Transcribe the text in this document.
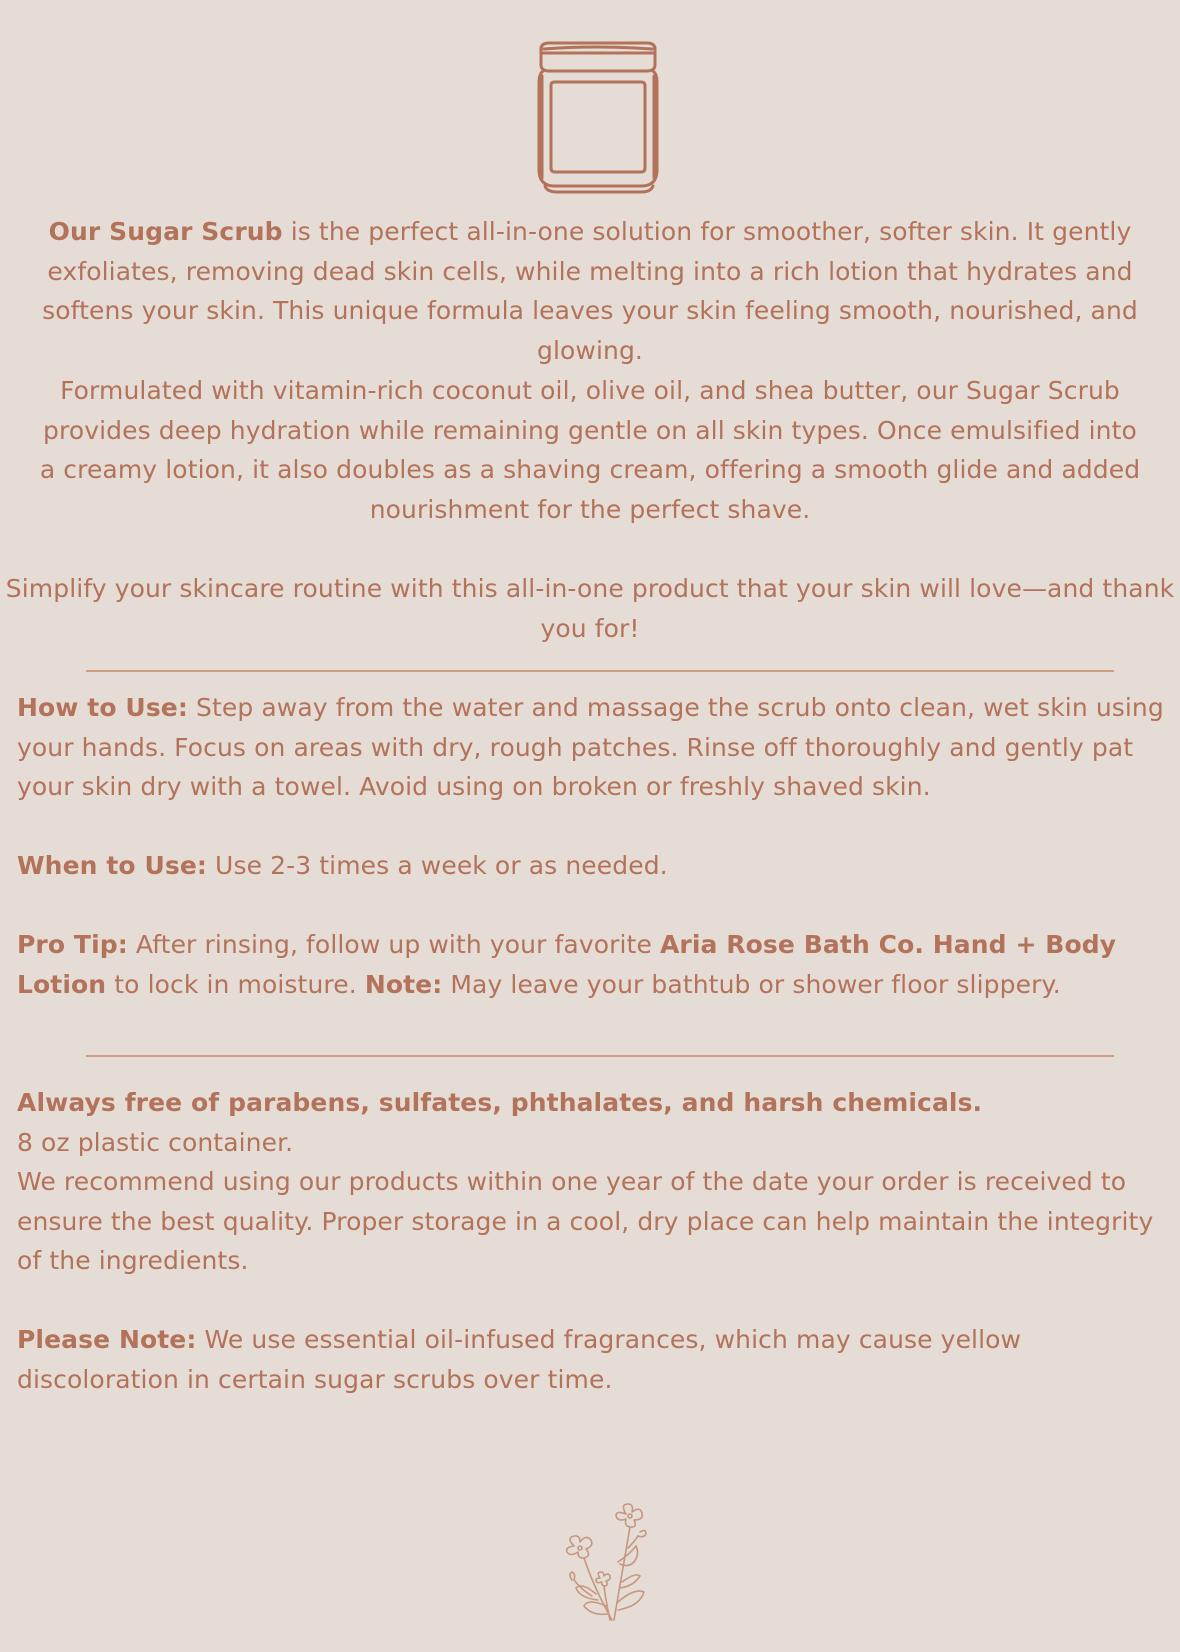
Our Sugar Scrub is the perfect all-in-one solution for smoother, softer skin. It gently exfoliates, removing dead skin cells, while melting into a rich lotion that hydrates and softens your skin. This unique formula leaves your skin feeling smooth, nourished, and glowing.
Formulated with vitamin-rich coconut oil, olive oil, and shea butter, our Sugar Scrub provides deep hydration while remaining gentle on all skin types. Once emulsified into a creamy lotion, it also doubles as a shaving cream, offering a smooth glide and added nourishment for the perfect shave.
Simplify your skincare routine with this all-in-one product that your skin will love—and thank you for!
How to Use: Step away from the water and massage the scrub onto clean, wet skin using your hands. Focus on areas with dry, rough patches. Rinse off thoroughly and gently pat your skin dry with a towel. Avoid using on broken or freshly shaved skin.
When to Use: Use 2-3 times a week or as needed.
Pro Tip: After rinsing, follow up with your favorite Aria Rose Bath Co. Hand + Body Lotion to lock in moisture. Note: May leave your bathtub or shower floor slippery.
Always free of parabens, sulfates, phthalates, and harsh chemicals.
8 oz plastic container.
We recommend using our products within one year of the date your order is received to ensure the best quality. Proper storage in a cool, dry place can help maintain the integrity of the ingredients.
Please Note: We use essential oil-infused fragrances, which may cause yellow discoloration in certain sugar scrubs over time.
